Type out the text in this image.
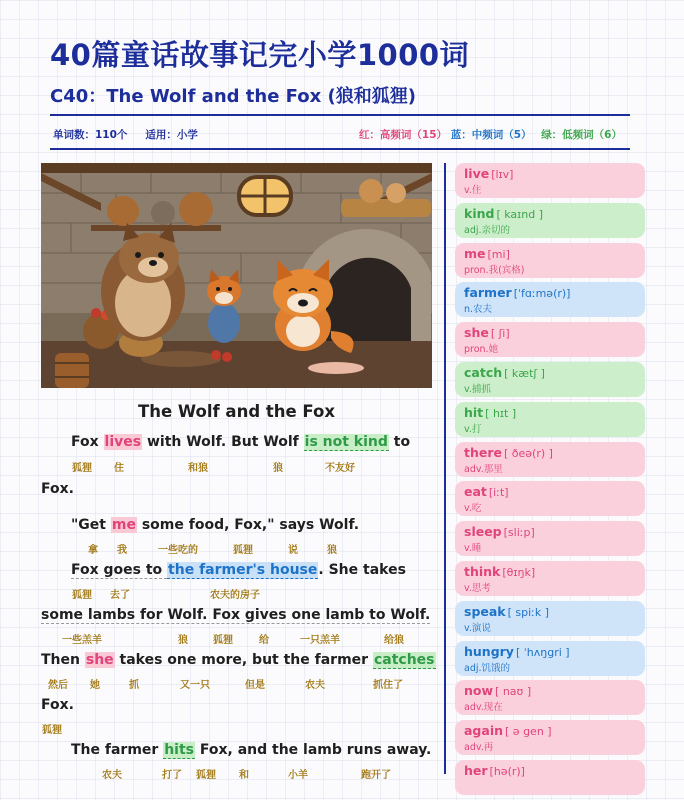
40篇童话故事记完小学1000词
C40：The Wolf and the Fox (狼和狐狸)
单词数：110个 适用：小学	红：高频词（15） 蓝：中频词（5） 绿：低频词（6）
The Wolf and the Fox
Fox lives with Wolf. But Wolf is not kind to
狐狸 住	和狼	狼	不友好
Fox.
"Get me some food, Fox," says Wolf.
拿 我	一些吃的	狐狸	说	狼
Fox goes to the farmer's house. She takes
狐狸 去了	农夫的房子
some lambs for Wolf. Fox gives one lamb to Wolf.
一些羔羊	狼	狐狸	给	一只羔羊	给狼
Then she takes one more, but the farmer catches
然后 她	抓	又一只	但是	农夫	抓住了
Fox.
狐狸
The farmer hits Fox, and the lamb runs away.
农夫	打了 狐狸 和	小羊	跑开了
live [lɪv]
v.住
kind [ kaɪnd ]
adj.亲切的
me [mi]
pron.我(宾格)
farmer [ˈfɑːmə(r)]
n.农夫
she [ ʃi]
pron.她
catch [ kætʃ ]
v.捕抓
hit [ hɪt ]
v.打
there [ ðeə(r) ]
adv.那里
eat [iːt]
v.吃
sleep [sliːp]
v.睡
think [θɪŋk]
v.思考
speak [ spiːk ]
v.演说
hungry [ ˈhʌŋgri ]
adj.饥饿的
now [ naʊ ]
adv.现在
again [ ə gen ]
adv.再
her [hə(r)]
